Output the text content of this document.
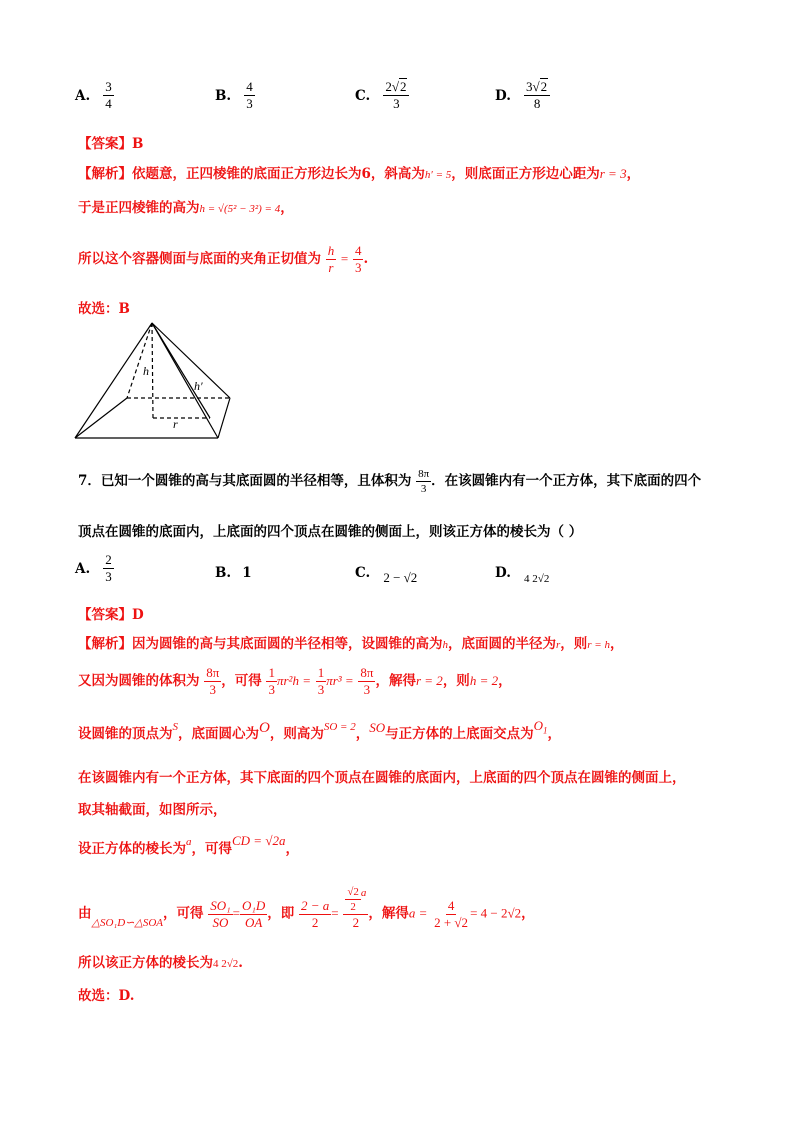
A. $\frac{3}{4}$	B. $\frac{4}{3}$	C. $\frac{2√2}{3}$	D. $\frac{3√2}{8}$
【答案】B
【解析】依题意，正四棱锥的底面正方形边长为6，斜高为h′ = 5，则底面正方形边心距为r = 3，
于是正四棱锥的高为h = √(5² − 3²) = 4，
所以这个容器侧面与底面的夹角正切值为 $\frac{h}{r} = \frac{4}{3}$ .
故选：B
h
h′
r
7．已知一个圆锥的高与其底面圆的半径相等，且体积为 $\frac{8\pi}{3}$ ．在该圆锥内有一个正方体，其下底面的四个
顶点在圆锥的底面内，上底面的四个顶点在圆锥的侧面上，则该正方体的棱长为（ ）
A. $\frac{2}{3}$	B. 1	C. $_{2 - √2}$	D. $_{4 2√2}$
【答案】D
【解析】因为圆锥的高与其底面圆的半径相等，设圆锥的高为h，底面圆的半径为r，则r = h，
又因为圆锥的体积为 $\frac{8\pi}{3}$ ，可得 $\frac{1}{3} \pi r^2h = \frac{1}{3} \pi r^3 = \frac{8\pi}{3}$ ，解得r = 2，则h = 2，
设圆锥的顶点为$^S$，底面圆心为O，则高为$^{SO = 2}$，SO与正方体的上底面交点为$O_1$，
在该圆锥内有一个正方体，其下底面的四个顶点在圆锥的底面内，上底面的四个顶点在圆锥的侧面上，
取其轴截面，如图所示，
设正方体的棱长为$^a$，可得CD = √2a，
由$_{\triangle SO_1D∽\triangle SOA}$，可得 $\frac{\text{SO₁}}{SO} = \frac{\text{O₁D}}{OA}$ ，即 $\frac{2 - a}{2} = \frac{\frac{√2}{2} ^a}{2}$ ，解得$a = \frac{4}{2 + √2} = 4 - 2√2$，
所以该正方体的棱长为4 2√2.
故选：D.
